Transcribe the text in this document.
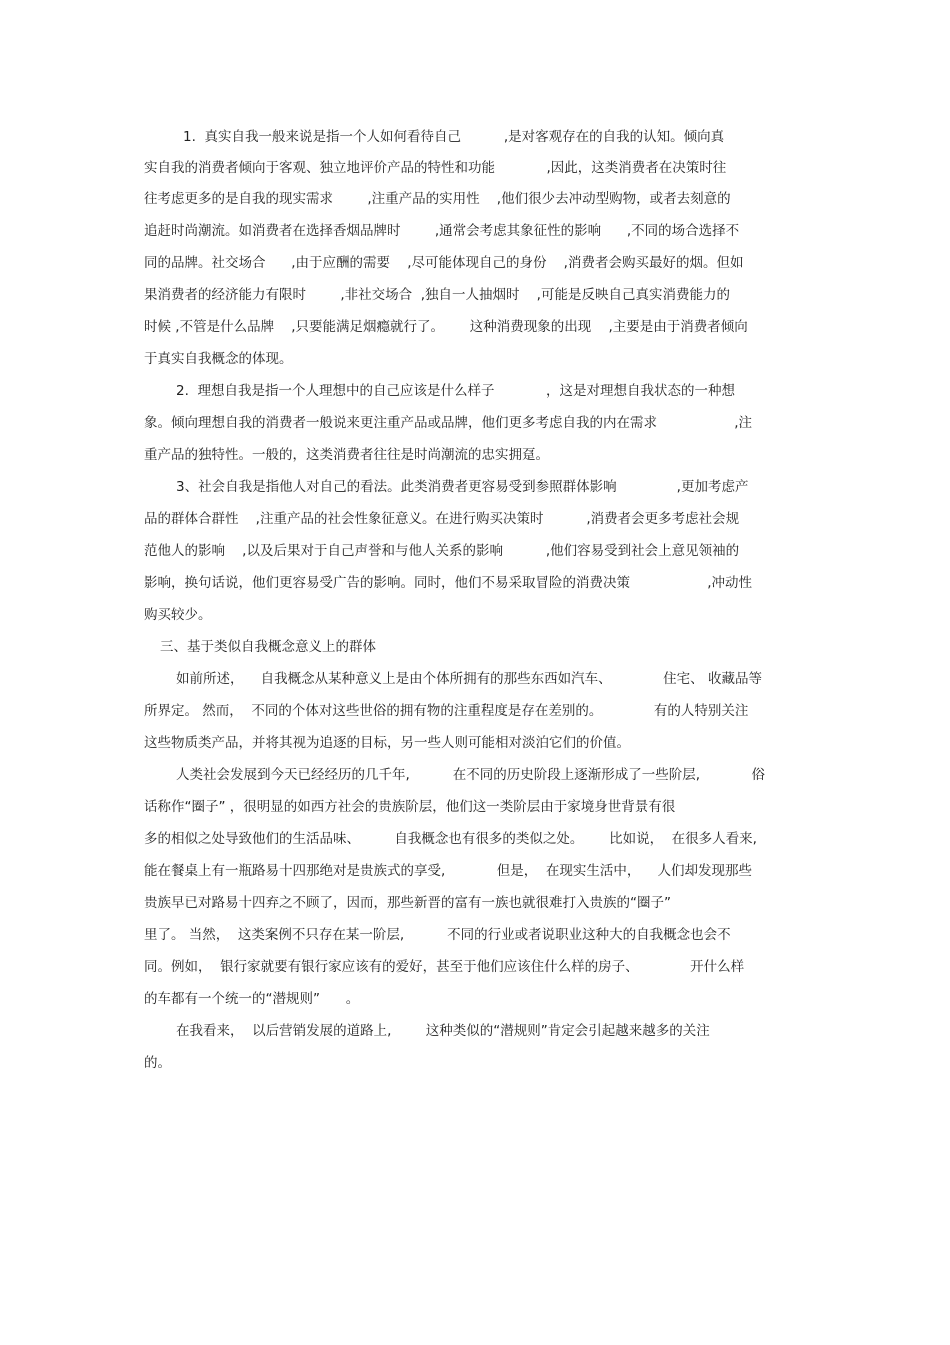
1.  真实自我一般来说是指一个人如何看待自己          ,是对客观存在的自我的认知。倾向真
实自我的消费者倾向于客观、独立地评价产品的特性和功能            ,因此，这类消费者在决策时往
往考虑更多的是自我的现实需求        ,注重产品的实用性    ,他们很少去冲动型购物，或者去刻意的
追赶时尚潮流。如消费者在选择香烟品牌时        ,通常会考虑其象征性的影响      ,不同的场合选择不
同的品牌。社交场合      ,由于应酬的需要    ,尽可能体现自己的身份    ,消费者会购买最好的烟。但如
果消费者的经济能力有限时        ,非社交场合  ,独自一人抽烟时    ,可能是反映自己真实消费能力的
时候 ,不管是什么品牌    ,只要能满足烟瘾就行了。      这种消费现象的出现    ,主要是由于消费者倾向
于真实自我概念的体现。
2.  理想自我是指一个人理想中的自己应该是什么样子            ，这是对理想自我状态的一种想
象。倾向理想自我的消费者一般说来更注重产品或品牌，他们更多考虑自我的内在需求                  ,注
重产品的独特性。一般的，这类消费者往往是时尚潮流的忠实拥趸。
3、社会自我是指他人对自己的看法。此类消费者更容易受到参照群体影响              ,更加考虑产
品的群体合群性    ,注重产品的社会性象征意义。在进行购买决策时          ,消费者会更多考虑社会规
范他人的影响    ,以及后果对于自己声誉和与他人关系的影响          ,他们容易受到社会上意见领袖的
影响，换句话说，他们更容易受广告的影响。同时，他们不易采取冒险的消费决策                  ,冲动性
购买较少。
三、基于类似自我概念意义上的群体
如前所述，    自我概念从某种意义上是由个体所拥有的那些东西如汽车、            住宅、 收藏品等
所界定。 然而，  不同的个体对这些世俗的拥有物的注重程度是存在差别的。            有的人特别关注
这些物质类产品，并将其视为追逐的目标，另一些人则可能相对淡泊它们的价值。
人类社会发展到今天已经经历的几千年,          在不同的历史阶段上逐渐形成了一些阶层,            俗
话称作“圈子” ，很明显的如西方社会的贵族阶层，他们这一类阶层由于家境身世背景有很
多的相似之处导致他们的生活品味、        自我概念也有很多的类似之处。      比如说，  在很多人看来,
能在餐桌上有一瓶路易十四那绝对是贵族式的享受,            但是，  在现实生活中，    人们却发现那些
贵族早已对路易十四弃之不顾了，因而，那些新晋的富有一族也就很难打入贵族的“圈子”
里了。 当然，  这类案例不只存在某一阶层,          不同的行业或者说职业这种大的自我概念也会不
同。例如，  银行家就要有银行家应该有的爱好，甚至于他们应该住什么样的房子、            开什么样
的车都有一个统一的“潜规则”      。
在我看来，  以后营销发展的道路上,        这种类似的“潜规则”肯定会引起越来越多的关注
的。
